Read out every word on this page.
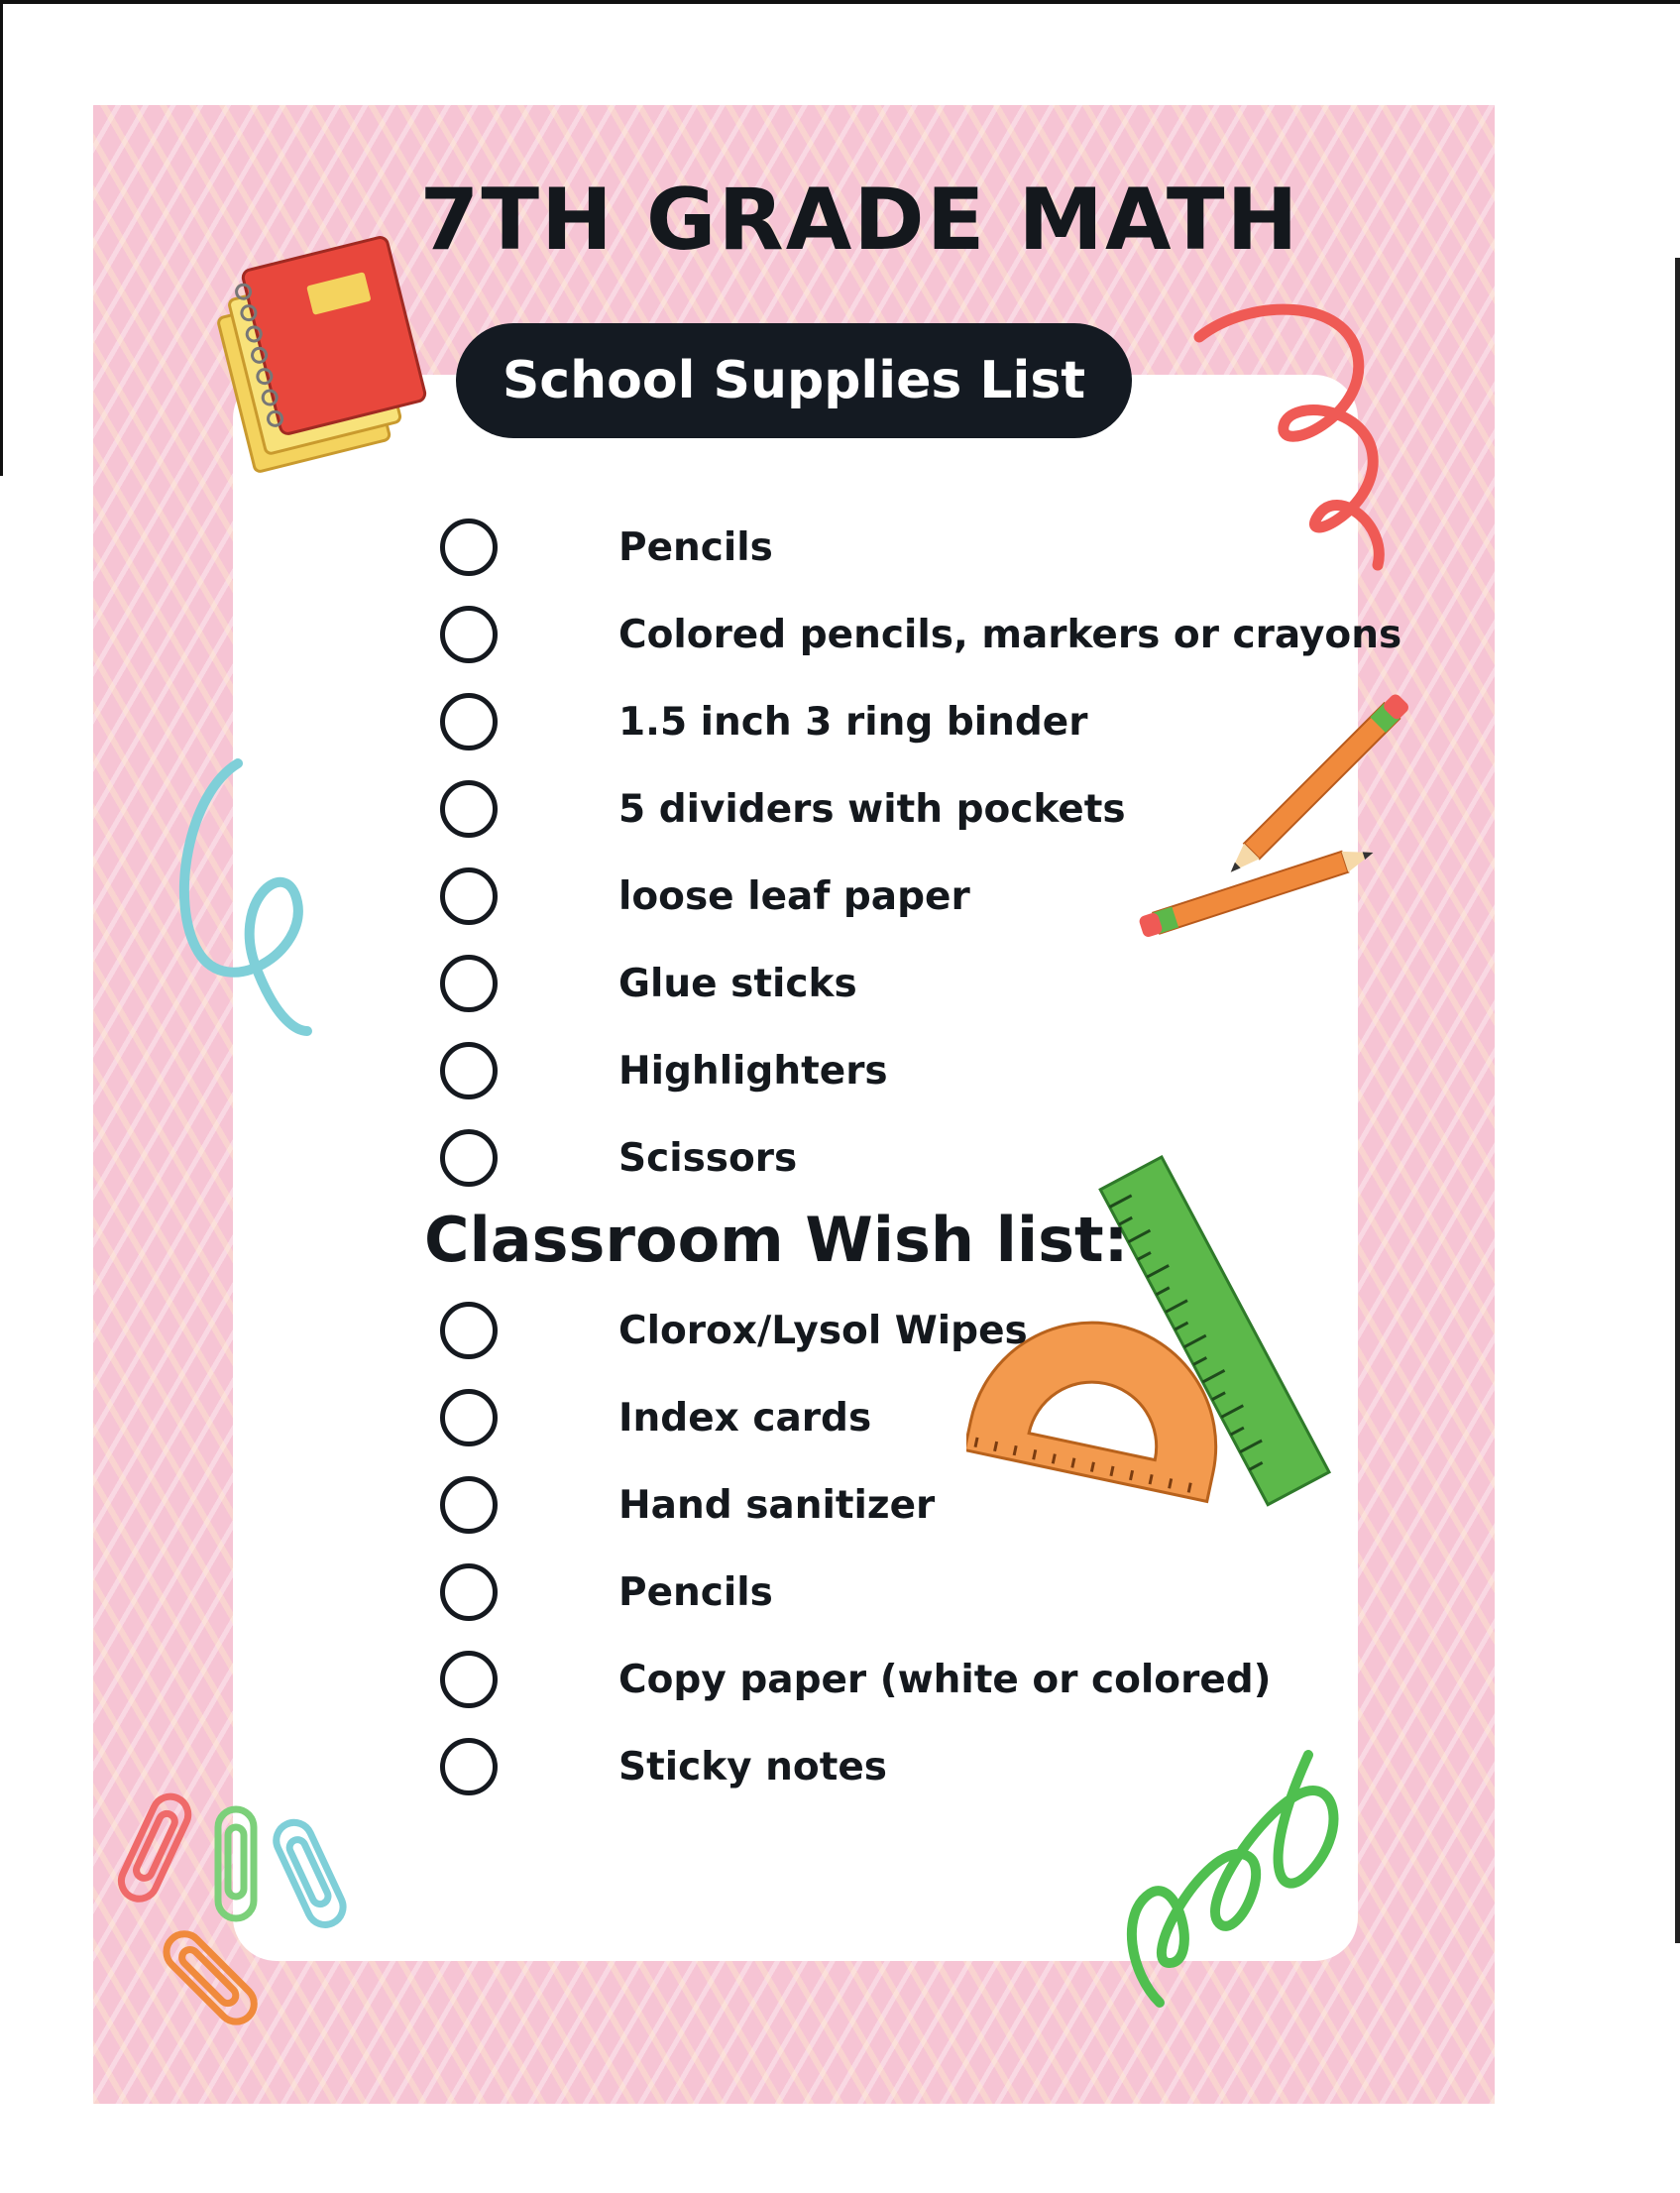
7TH GRADE MATH
School Supplies List
Pencils
Colored pencils, markers or crayons
1.5 inch 3 ring binder
5 dividers with pockets
loose leaf paper
Glue sticks
Highlighters
Scissors
Classroom Wish list:
Clorox/Lysol Wipes
Index cards
Hand sanitizer
Pencils
Copy paper (white or colored)
Sticky notes
